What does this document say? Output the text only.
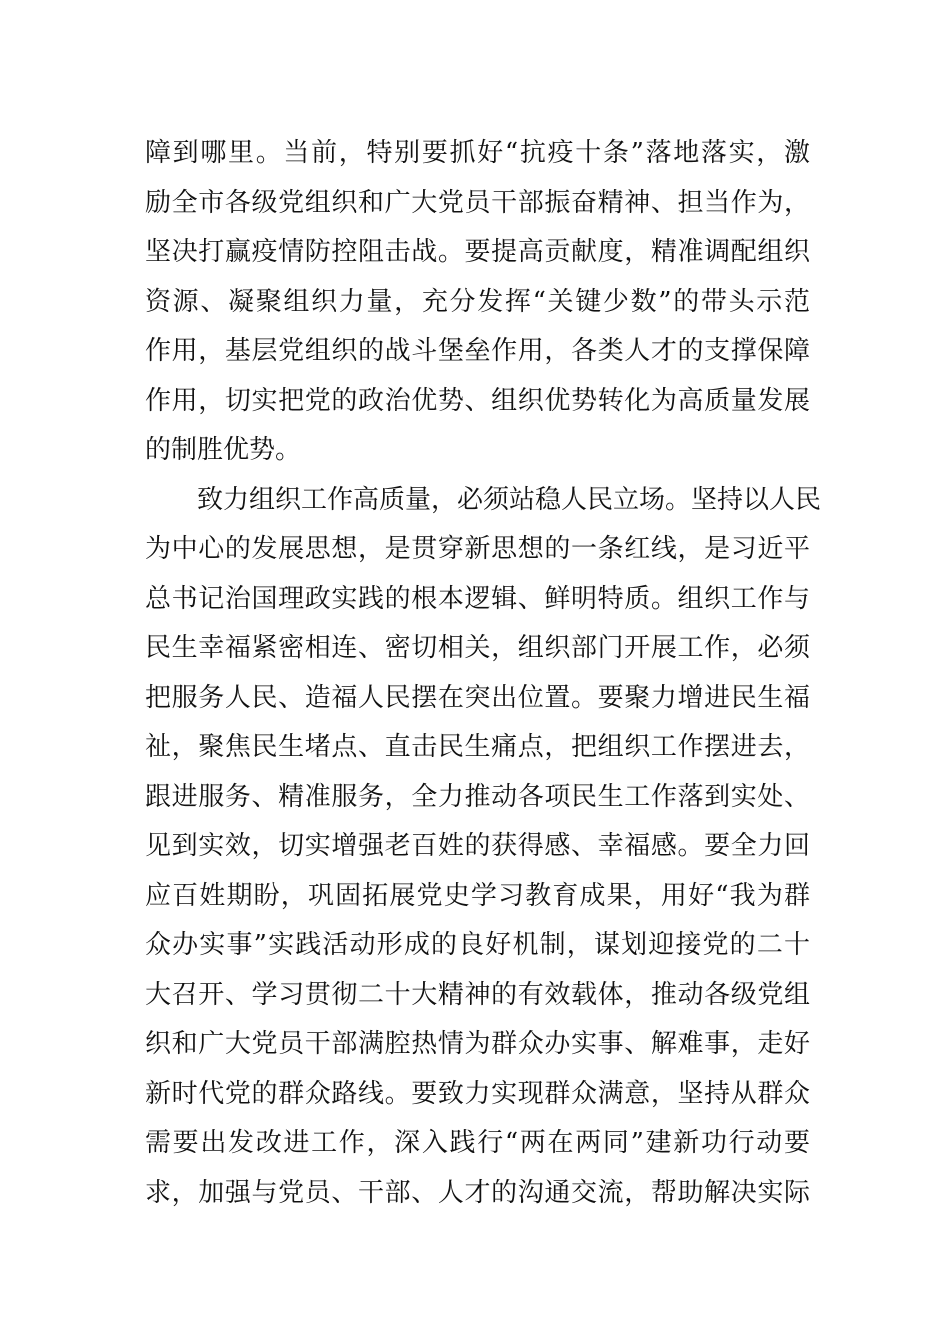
障到哪里。当前，特别要抓好“抗疫十条”落地落实，激
励全市各级党组织和广大党员干部振奋精神、担当作为，
坚决打赢疫情防控阻击战。要提高贡献度，精准调配组织
资源、凝聚组织力量，充分发挥“关键少数”的带头示范
作用，基层党组织的战斗堡垒作用，各类人才的支撑保障
作用，切实把党的政治优势、组织优势转化为高质量发展
的制胜优势。
　　致力组织工作高质量，必须站稳人民立场。坚持以人民
为中心的发展思想，是贯穿新思想的一条红线，是习近平
总书记治国理政实践的根本逻辑、鲜明特质。组织工作与
民生幸福紧密相连、密切相关，组织部门开展工作，必须
把服务人民、造福人民摆在突出位置。要聚力增进民生福
祉，聚焦民生堵点、直击民生痛点，把组织工作摆进去，
跟进服务、精准服务，全力推动各项民生工作落到实处、
见到实效，切实增强老百姓的获得感、幸福感。要全力回
应百姓期盼，巩固拓展党史学习教育成果，用好“我为群
众办实事”实践活动形成的良好机制，谋划迎接党的二十
大召开、学习贯彻二十大精神的有效载体，推动各级党组
织和广大党员干部满腔热情为群众办实事、解难事，走好
新时代党的群众路线。要致力实现群众满意，坚持从群众
需要出发改进工作，深入践行“两在两同”建新功行动要
求，加强与党员、干部、人才的沟通交流，帮助解决实际
